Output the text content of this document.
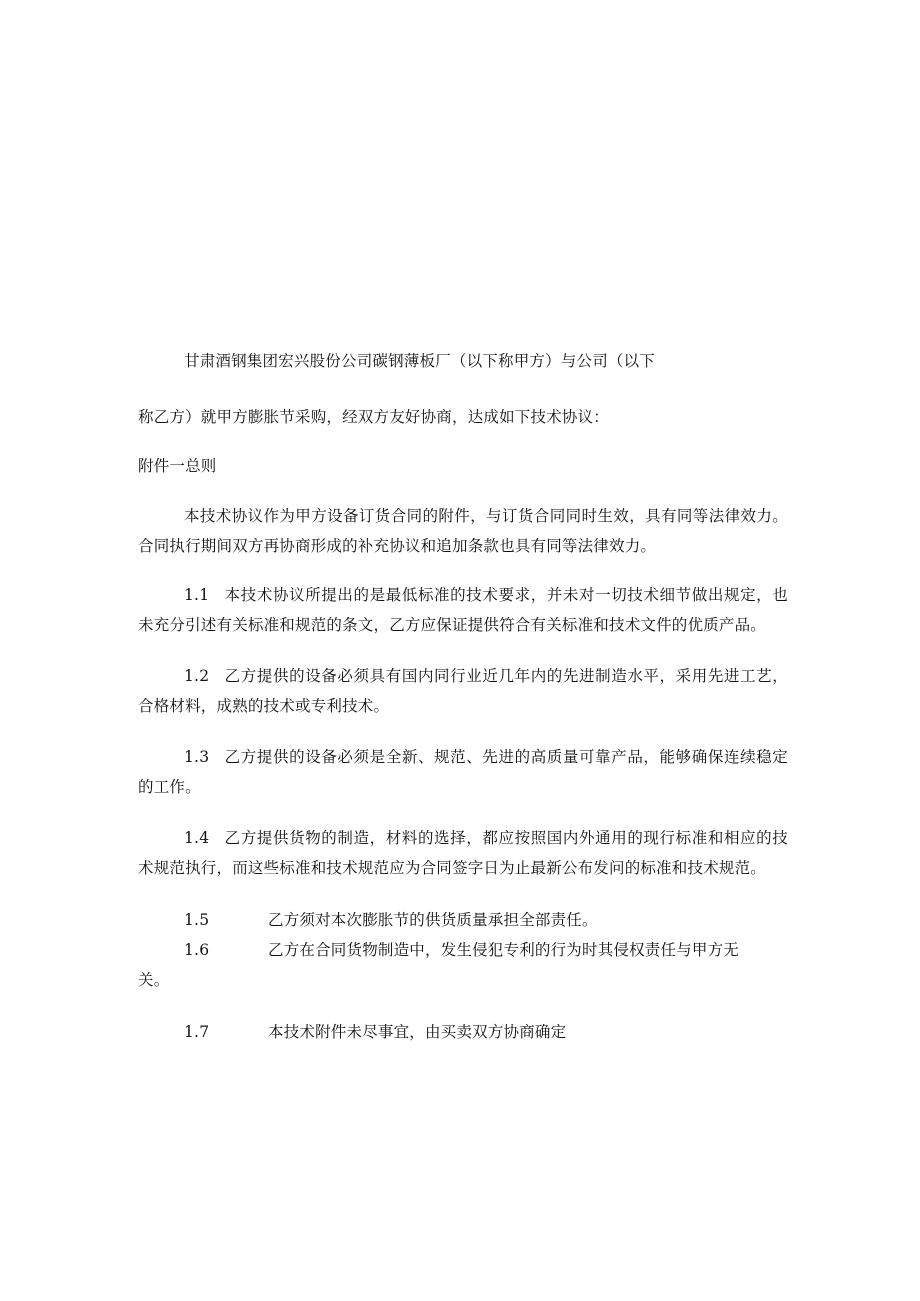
甘肃酒钢集团宏兴股份公司碳钢薄板厂（以下称甲方）与公司（以下
称乙方）就甲方膨胀节采购，经双方友好协商，达成如下技术协议：
附件一总则
本技术协议作为甲方设备订货合同的附件，与订货合同同时生效，具有同等法律效力。合同执行期间双方再协商形成的补充协议和追加条款也具有同等法律效力。
1.1 本技术协议所提出的是最低标准的技术要求，并未对一切技术细节做出规定，也未充分引述有关标准和规范的条文，乙方应保证提供符合有关标准和技术文件的优质产品。
1.2 乙方提供的设备必须具有国内同行业近几年内的先进制造水平，采用先进工艺，合格材料，成熟的技术或专利技术。
1.3 乙方提供的设备必须是全新、规范、先进的高质量可靠产品，能够确保连续稳定的工作。
1.4 乙方提供货物的制造，材料的选择，都应按照国内外通用的现行标准和相应的技术规范执行，而这些标准和技术规范应为合同签字日为止最新公布发问的标准和技术规范。
1.5	乙方须对本次膨胀节的供货质量承担全部责任。
1.6	乙方在合同货物制造中，发生侵犯专利的行为时其侵权责任与甲方无
关。
1.7	本技术附件未尽事宜，由买卖双方协商确定
